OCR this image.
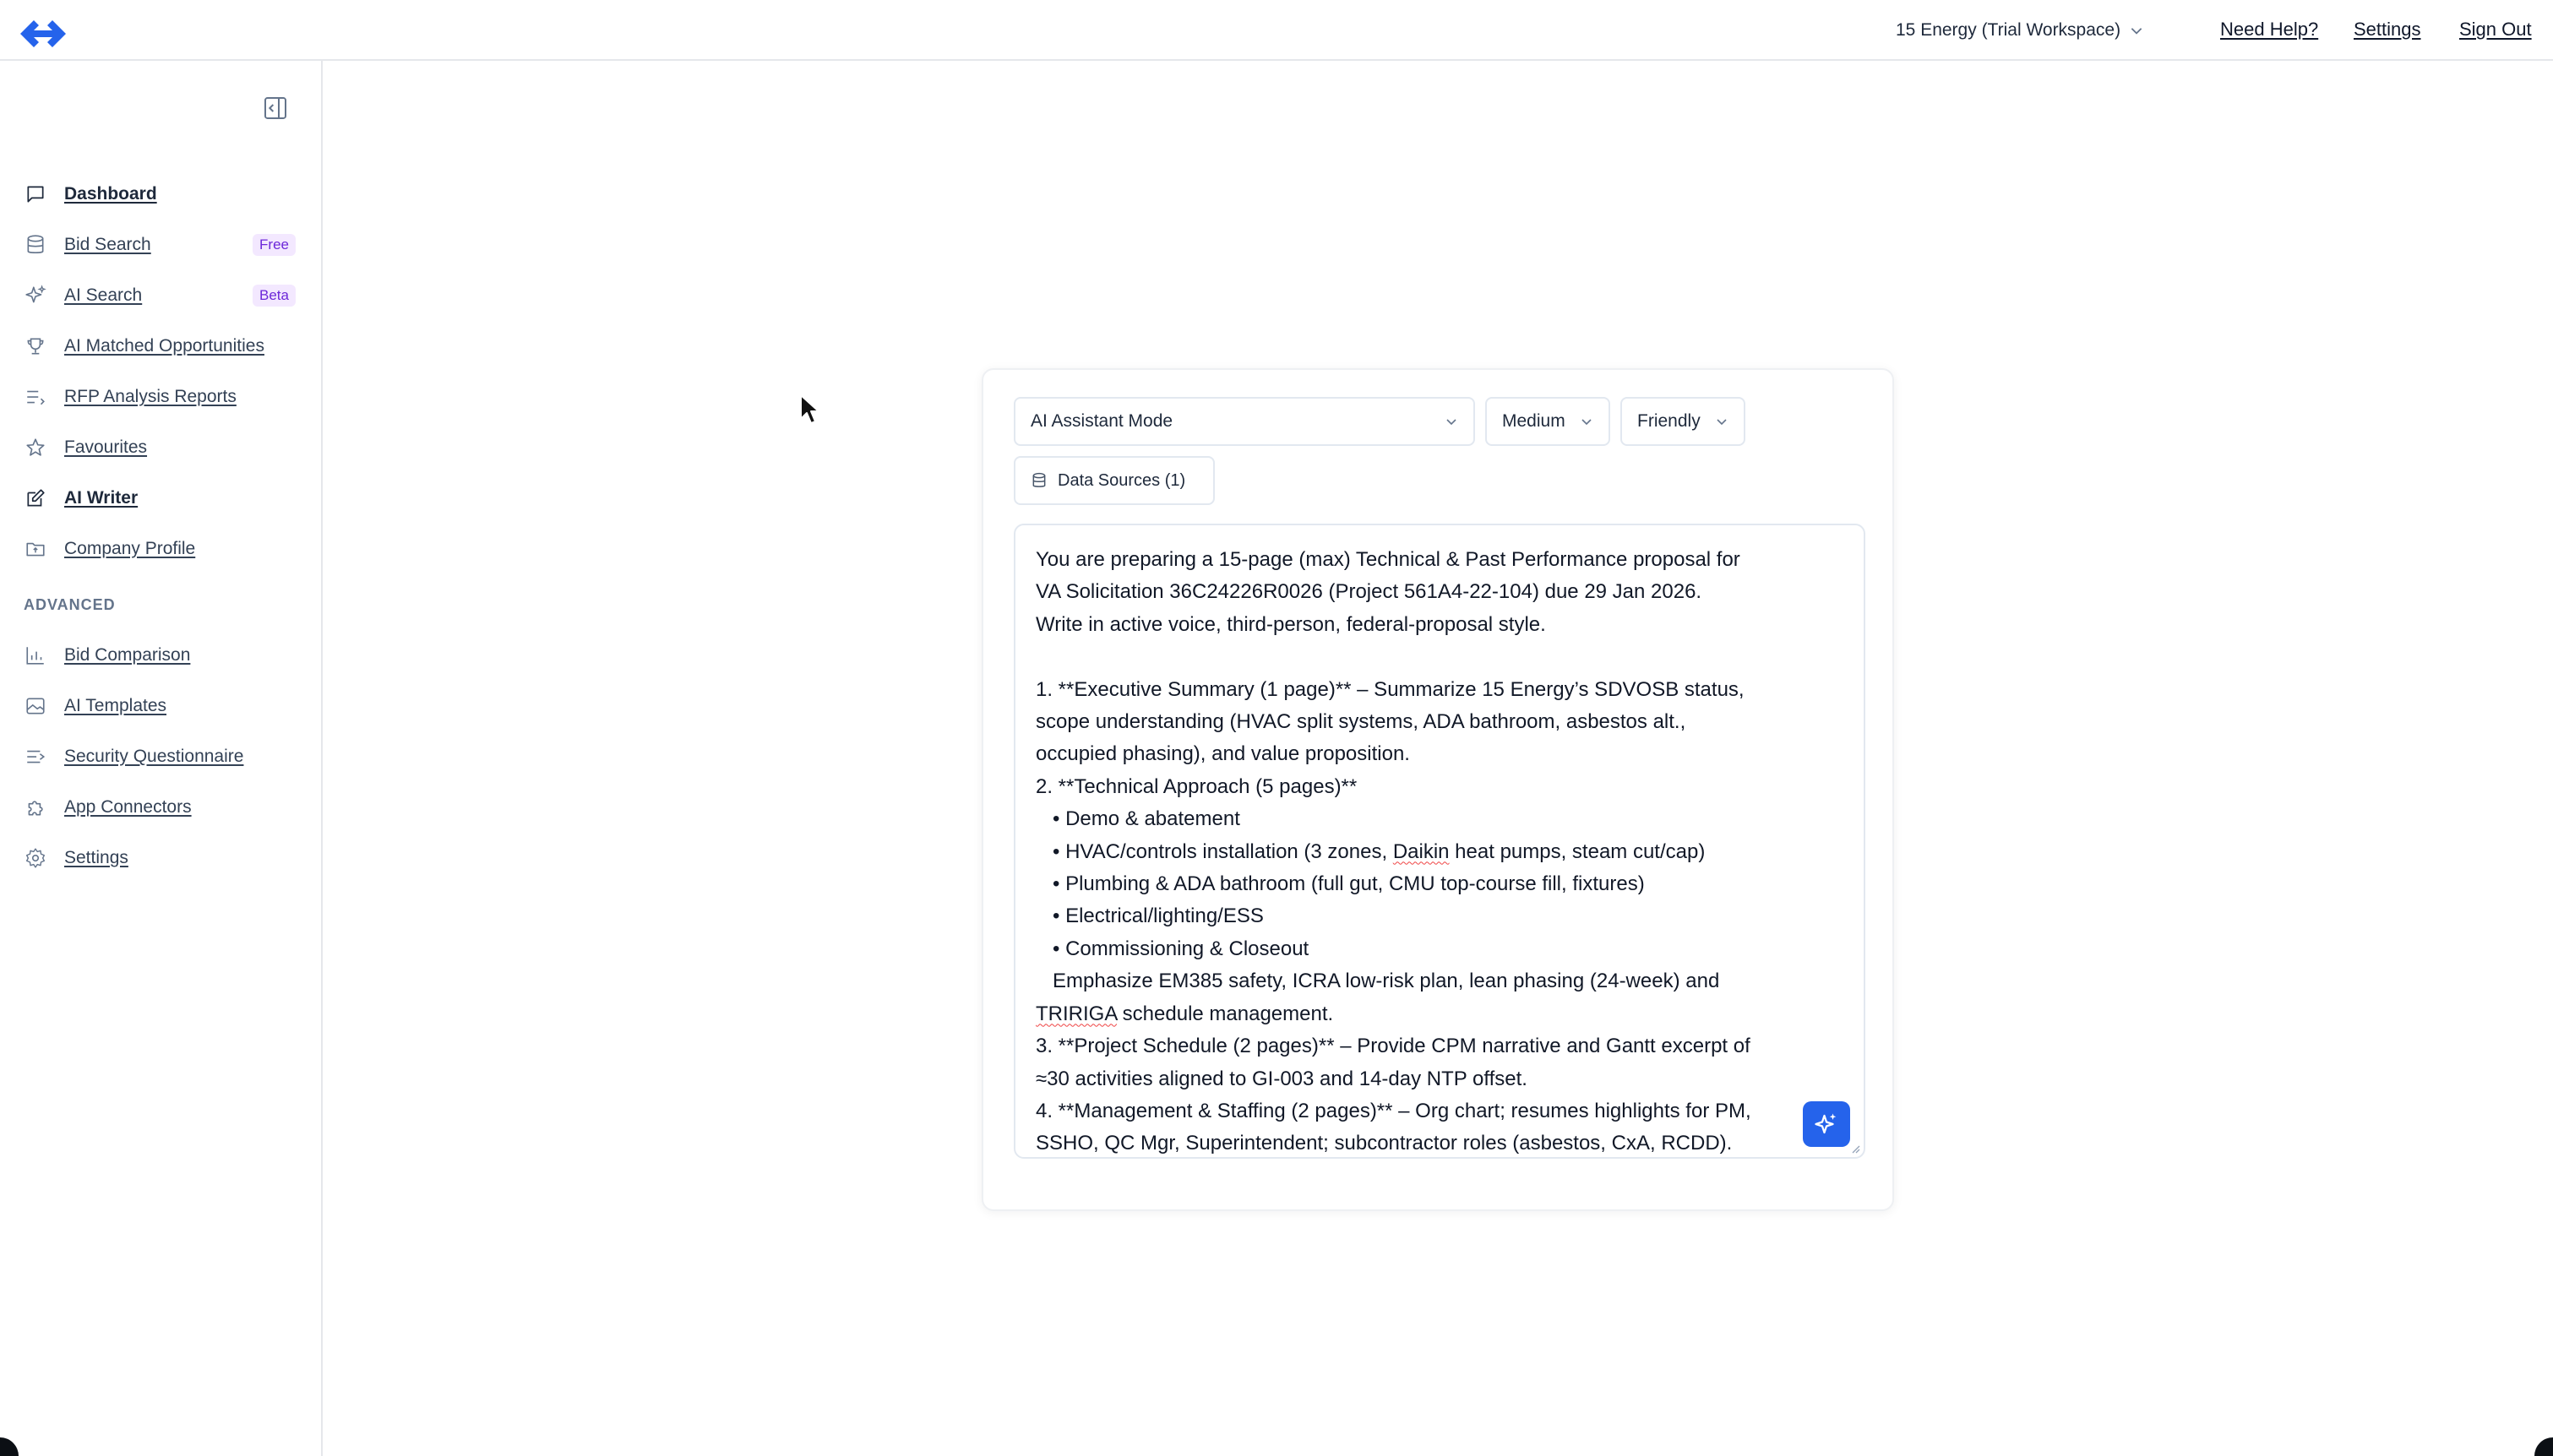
15 Energy (Trial Workspace)	Need Help? Settings Sign Out
Dashboard
Bid Search	Free
AI Search	Beta
AI Matched Opportunities
RFP Analysis Reports
Favourites
AI Writer
Company Profile
ADVANCED
Bid Comparison
AI Templates
Security Questionnaire
App Connectors
Settings
AI Assistant Mode	Medium	Friendly
Data Sources (1)
You are preparing a 15-page (max) Technical & Past Performance proposal for
VA Solicitation 36C24226R0026 (Project 561A4-22-104) due 29 Jan 2026.
Write in active voice, third-person, federal-proposal style.

1. **Executive Summary (1 page)** – Summarize 15 Energy’s SDVOSB status,
scope understanding (HVAC split systems, ADA bathroom, asbestos alt.,
occupied phasing), and value proposition.
2. **Technical Approach (5 pages)**
• Demo & abatement
• HVAC/controls installation (3 zones, Daikin heat pumps, steam cut/cap)
• Plumbing & ADA bathroom (full gut, CMU top-course fill, fixtures)
• Electrical/lighting/ESS
• Commissioning & Closeout
Emphasize EM385 safety, ICRA low-risk plan, lean phasing (24-week) and
TRIRIGA schedule management.
3. **Project Schedule (2 pages)** – Provide CPM narrative and Gantt excerpt of
≈30 activities aligned to GI-003 and 14-day NTP offset.
4. **Management & Staffing (2 pages)** – Org chart; resumes highlights for PM,
SSHO, QC Mgr, Superintendent; subcontractor roles (asbestos, CxA, RCDD).
